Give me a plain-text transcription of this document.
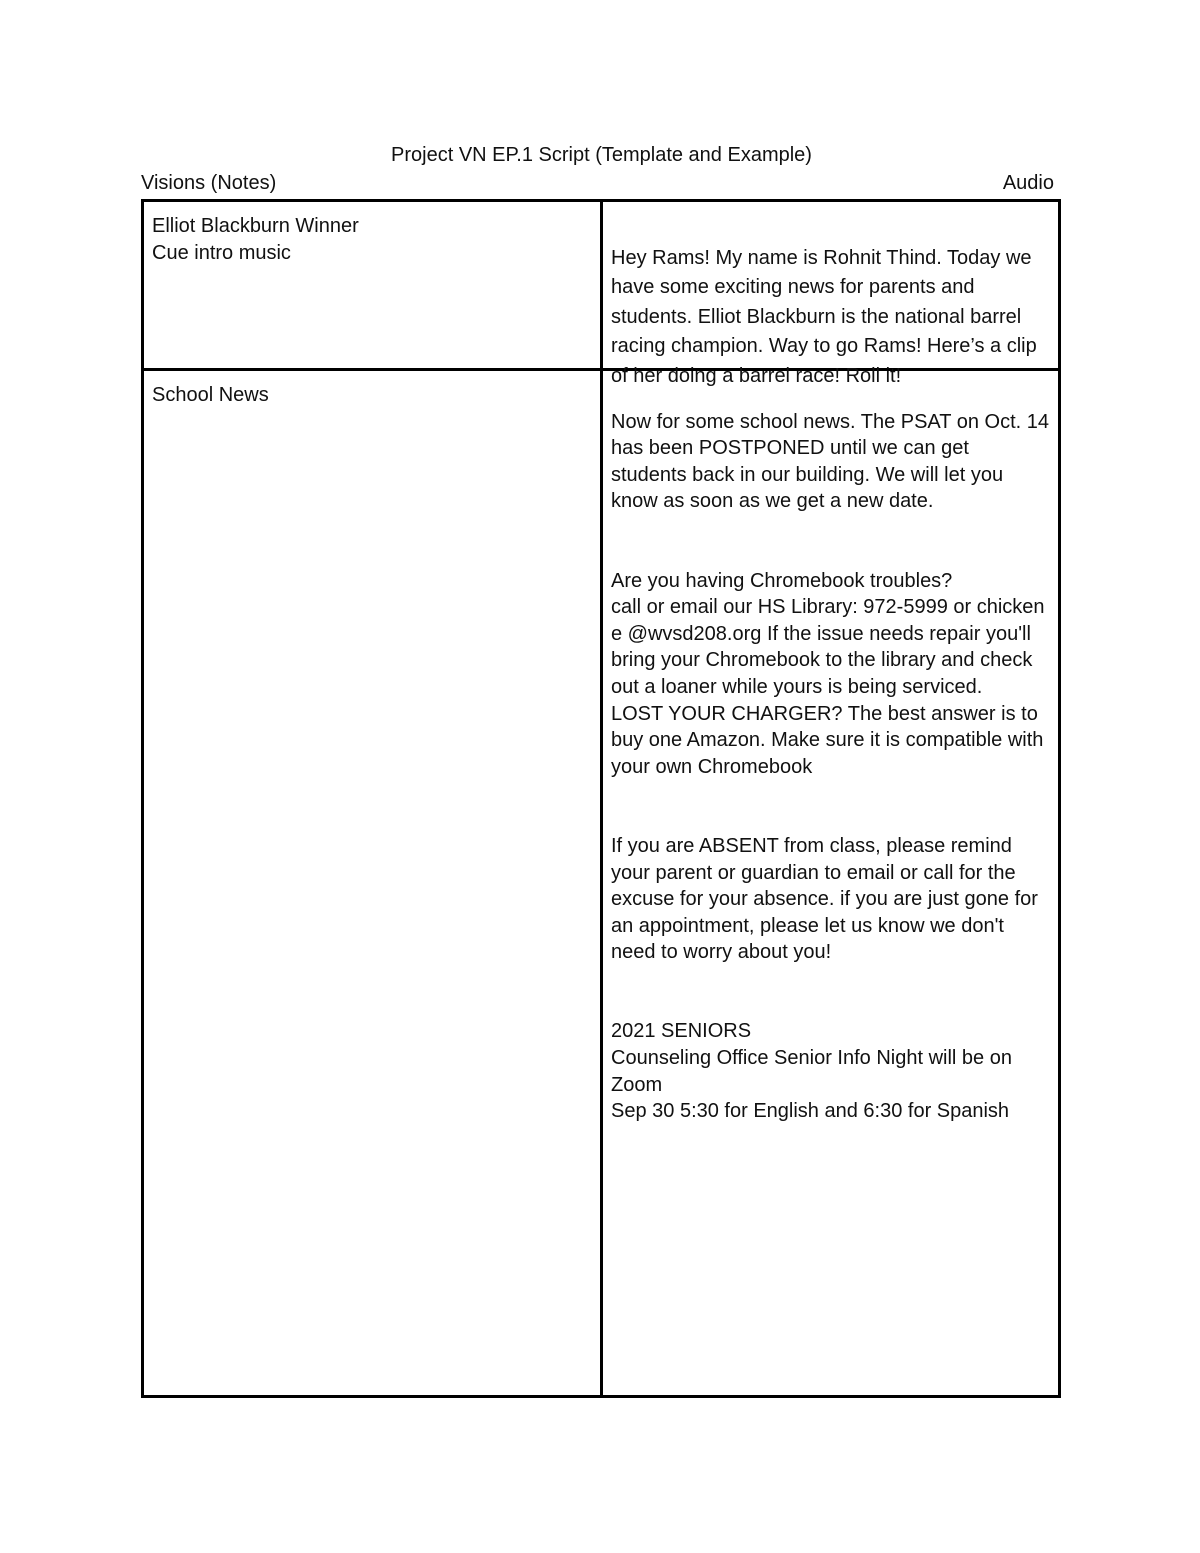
Project VN EP.1 Script (Template and Example)
Visions (Notes)	Audio
Elliot Blackburn Winner
Cue intro music	Hey Rams! My name is Rohnit Thind. Today we have some exciting news for parents and students. Elliot Blackburn is the national barrel racing champion. Way to go Rams! Here’s a clip of her doing a barrel race! Roll it!

School News

Now for some school news. The PSAT on Oct. 14 has been POSTPONED until we can get students back in our building. We will let you know as soon as we get a new date.

Are you having Chromebook troubles?
call or email our HS Library: 972-5999 or chicken e @wvsd208.org If the issue needs repair you'll bring your Chromebook to the library and check out a loaner while yours is being serviced.
LOST YOUR CHARGER? The best answer is to buy one Amazon. Make sure it is compatible with your own Chromebook

If you are ABSENT from class, please remind your parent or guardian to email or call for the excuse for your absence. if you are just gone for an appointment, please let us know we don't need to worry about you!

2021 SENIORS
Counseling Office Senior Info Night will be on Zoom
Sep 30 5:30 for English and 6:30 for Spanish
